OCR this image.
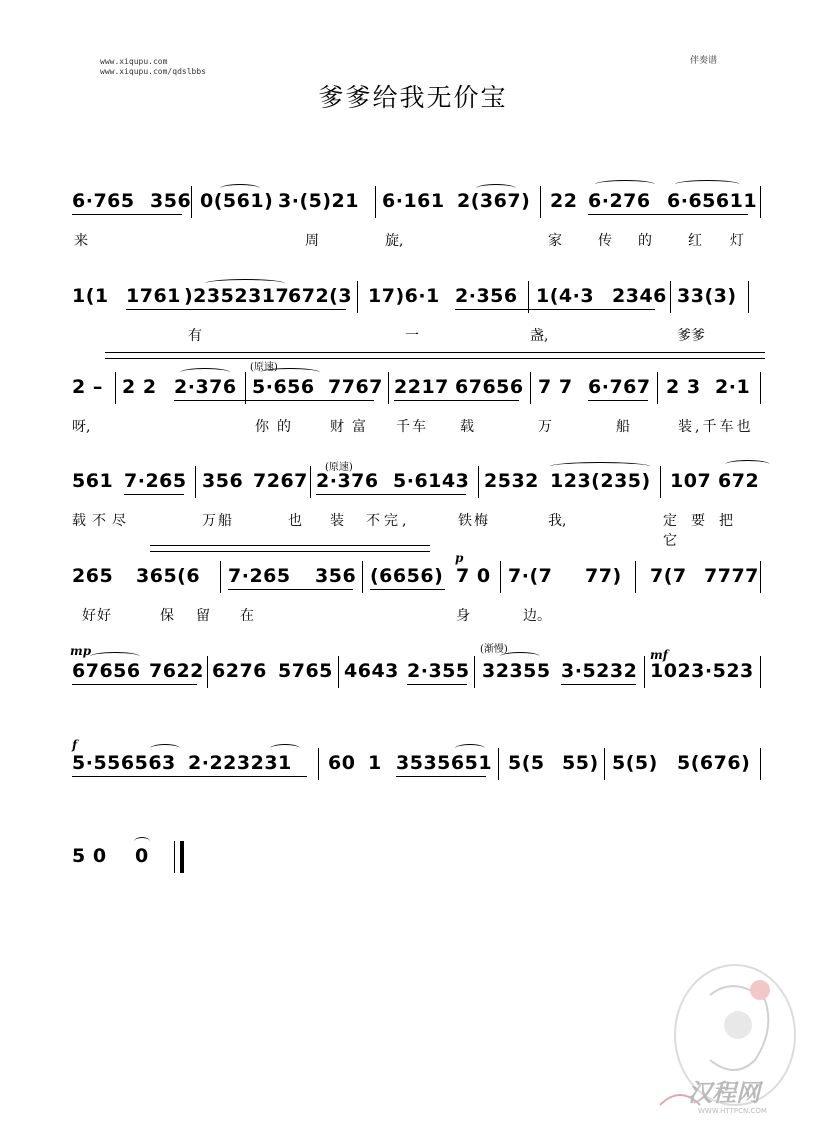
www.xiqupu.com
www.xiqupu.com/qdslbbs
伴奏谱
爹爹给我无价宝
6·765 356 0(561) 3·(5)21 6·161 2(367) 22 6·276 6·65611
来	周	旋,	家	传 的	红 灯
1(1 1761 )2352317
672(3 17)6·1 2·356 1(4·3 2346 33(3)
有	一	盏,	爹爹
(原速)
2 – 2 2 2·376 5·656 7767 2217 67656 7 7 6·767 2 3 2·1
呀,	你的 财富 千车 载	万	船	装,千车也
(原速)
561 7·265 356 7267 2·376 5·6143 2532 123(235) 107 672
载不尽	万船	也装
不完,	铁梅	我,	定要把它
p
265 365(6 7·265 356 (6656) 7 0 7·(7 77) 7(7 7777
好好	保 留 在	身	边。
mp	mf
(渐慢)
67656 7622 6276 5765 4643 2·355 32355 3·5232 1023·523
f
5·556563 2·223231 60 1 3535651 5(5 55) 5(5) 5(676)
5 0 0
汉程网
WWW.HTTPCN.COM
